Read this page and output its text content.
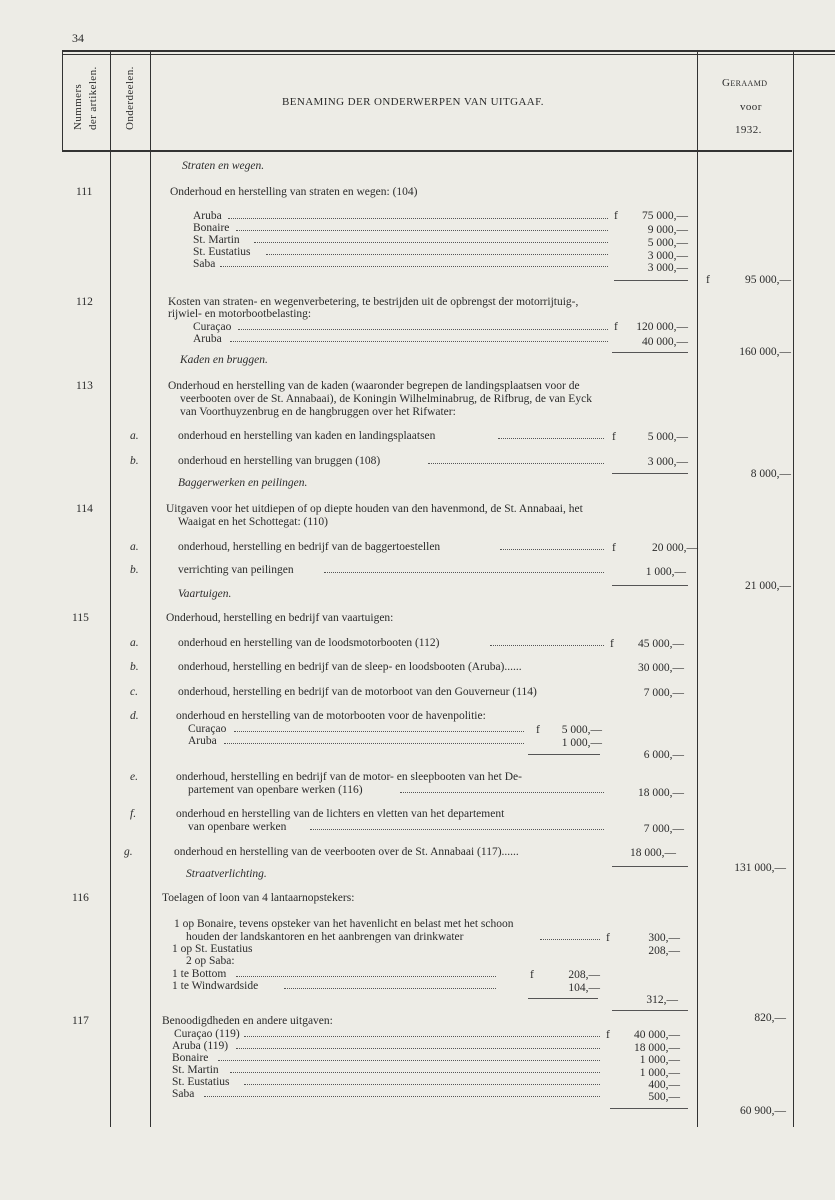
34
Nummers der artikelen. Onderdeelen.	BENAMING DER ONDERWERPEN VAN UITGAAF.
Geraamd
voor
1932.
Straten en wegen.
111	Onderhoud en herstelling van straten en wegen: (104)
Aruba	f	75 000,—
Bonaire	9 000,—
St. Martin	5 000,—
St. Eustatius	3 000,—
Saba	3 000,—
f	95 000,—
112	Kosten van straten- en wegenverbetering, te bestrijden uit de opbrengst der motorrijtuig-,
rijwiel- en motorbootbelasting:
Curaçao	f	120 000,—
Aruba	40 000,—
160 000,—
Kaden en bruggen.
113	Onderhoud en herstelling van de kaden (waaronder begrepen de landingsplaatsen voor de
veerbooten over de St. Annabaai), de Koningin Wilhelminabrug, de Rifbrug, de van Eyck
van Voorthuyzenbrug en de hangbruggen over het Rifwater:
a.	onderhoud en herstelling van kaden en landingsplaatsen	f	5 000,—
b.	onderhoud en herstelling van bruggen (108)	3 000,—
8 000,—
Baggerwerken en peilingen.
114	Uitgaven voor het uitdiepen of op diepte houden van den havenmond, de St. Annabaai, het
Waaigat en het Schottegat: (110)
a.	onderhoud, herstelling en bedrijf van de baggertoestellen	f	20 000,—
b.	verrichting van peilingen	1 000,—
21 000,—
Vaartuigen.
115	Onderhoud, herstelling en bedrijf van vaartuigen:
a.	onderhoud en herstelling van de loodsmotorbooten (112)	f	45 000,—
b.	onderhoud, herstelling en bedrijf van de sleep- en loodsbooten (Aruba)......	30 000,—
c.	onderhoud, herstelling en bedrijf van de motorboot van den Gouverneur (114)	7 000,—
d.	onderhoud en herstelling van de motorbooten voor de havenpolitie:
Curaçao	f	5 000,—
Aruba	1 000,—
6 000,—
e.	onderhoud, herstelling en bedrijf van de motor- en sleepbooten van het De-
partement van openbare werken (116)	18 000,—
f.	onderhoud en herstelling van de lichters en vletten van het departement
van openbare werken	7 000,—
g.	onderhoud en herstelling van de veerbooten over de St. Annabaai (117)......	18 000,—
131 000,—
Straatverlichting.
116	Toelagen of loon van 4 lantaarnopstekers:
1 op Bonaire, tevens opsteker van het havenlicht en belast met het schoon
houden der landskantoren en het aanbrengen van drinkwater	f	300,—
1 op St. Eustatius	208,—
2 op Saba:
1 te Bottom	f	208,—
1 te Windwardside	104,—
312,—
820,—
117	Benoodigdheden en andere uitgaven:
Curaçao (119)	f	40 000,—
Aruba (119)	18 000,—
Bonaire	1 000,—
St. Martin	1 000,—
St. Eustatius	400,—
Saba	500,—
60 900,—
